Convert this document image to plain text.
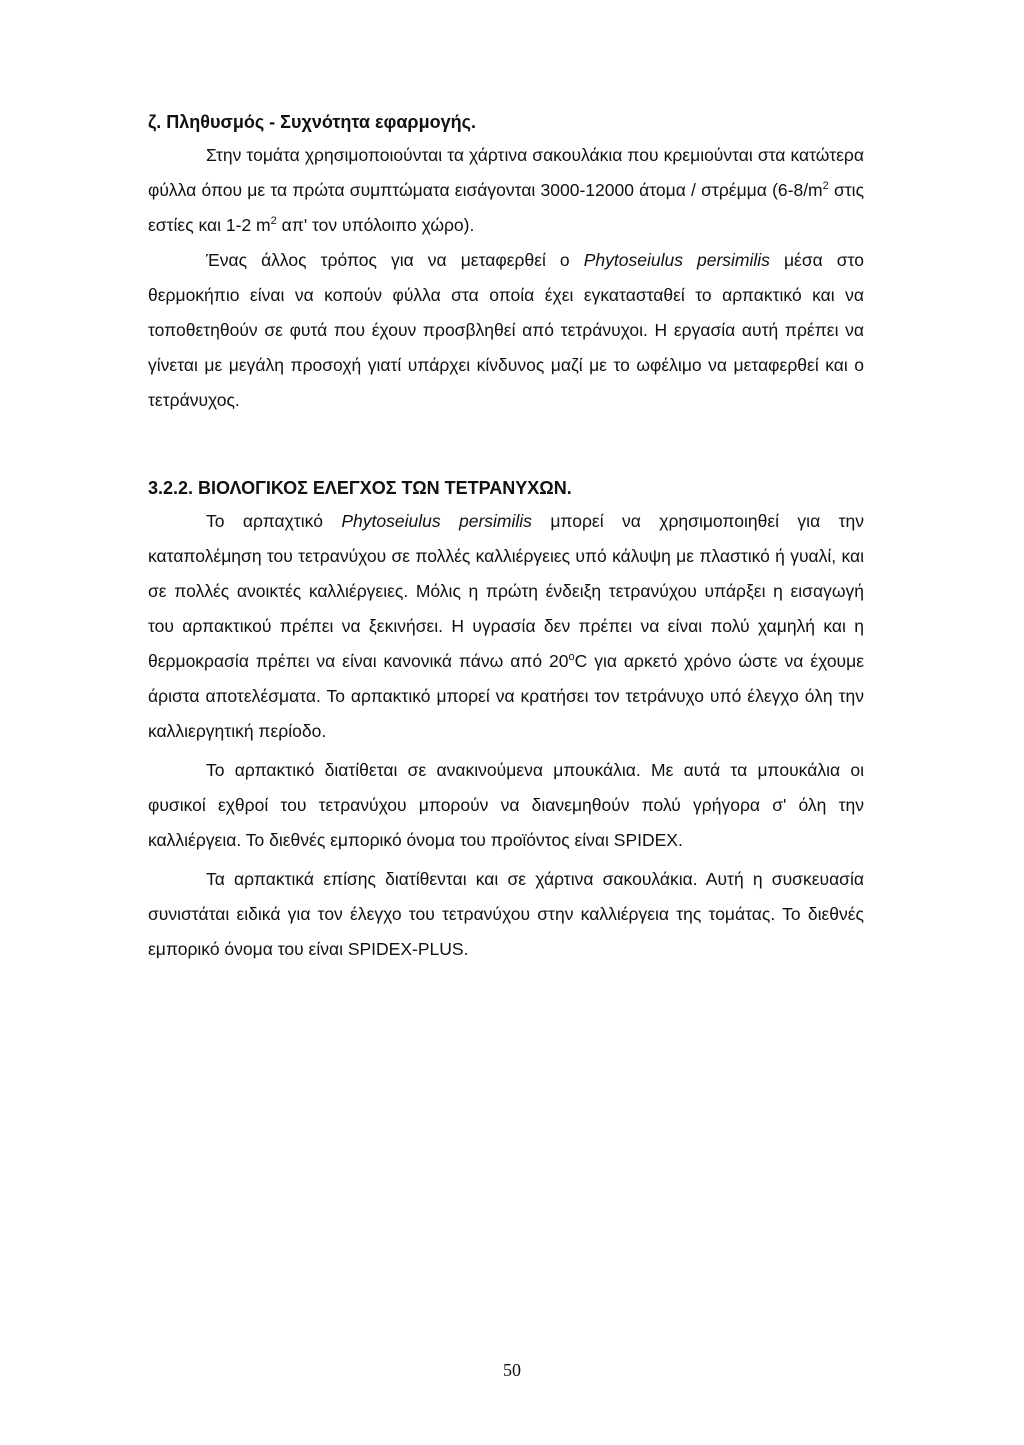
ζ. Πληθυσμός - Συχνότητα εφαρμογής.

Στην τομάτα χρησιμοποιούνται τα χάρτινα σακουλάκια που κρεμιούνται στα κατώτερα φύλλα όπου με τα πρώτα συμπτώματα εισάγονται 3000-12000 άτομα / στρέμμα ($6-8/m^2$ στις εστίες και 1-2 $m^2$ απ' τον υπόλοιπο χώρο).

Ένας άλλος τρόπος για να μεταφερθεί ο Phytoseiulus persimilis μέσα στο θερμοκήπιο είναι να κοπούν φύλλα στα οποία έχει εγκατασταθεί το αρπακτικό και να τοποθετηθούν σε φυτά που έχουν προσβληθεί από τετράνυχοι. Η εργασία αυτή πρέπει να γίνεται με μεγάλη προσοχή γιατί υπάρχει κίνδυνος μαζί με το ωφέλιμο να μεταφερθεί και ο τετράνυχος.

3.2.2. ΒΙΟΛΟΓΙΚΟΣ ΕΛΕΓΧΟΣ ΤΩΝ ΤΕΤΡΑΝΥΧΩΝ.

Το αρπαχτικό Phytoseiulus persimilis μπορεί να χρησιμοποιηθεί για την καταπολέμηση του τετρανύχου σε πολλές καλλιέργειες υπό κάλυψη με πλαστικό ή γυαλί, και σε πολλές ανοικτές καλλιέργειες. Μόλις η πρώτη ένδειξη τετρανύχου υπάρξει η εισαγωγή του αρπακτικού πρέπει να ξεκινήσει. Η υγρασία δεν πρέπει να είναι πολύ χαμηλή και η θερμοκρασία πρέπει να είναι κανονικά πάνω από $20^oC$ για αρκετό χρόνο ώστε να έχουμε άριστα αποτελέσματα. Το αρπακτικό μπορεί να κρατήσει τον τετράνυχο υπό έλεγχο όλη την καλλιεργητική περίοδο.

Το αρπακτικό διατίθεται σε ανακινούμενα μπουκάλια. Με αυτά τα μπουκάλια οι φυσικοί εχθροί του τετρανύχου μπορούν να διανεμηθούν πολύ γρήγορα σ' όλη την καλλιέργεια. Το διεθνές εμπορικό όνομα του προϊόντος είναι SPIDEX.

Τα αρπακτικά επίσης διατίθενται και σε χάρτινα σακουλάκια. Αυτή η συσκευασία συνιστάται ειδικά για τον έλεγχο του τετρανύχου στην καλλιέργεια της τομάτας. Το διεθνές εμπορικό όνομα του είναι SPIDEX-PLUS.

50
